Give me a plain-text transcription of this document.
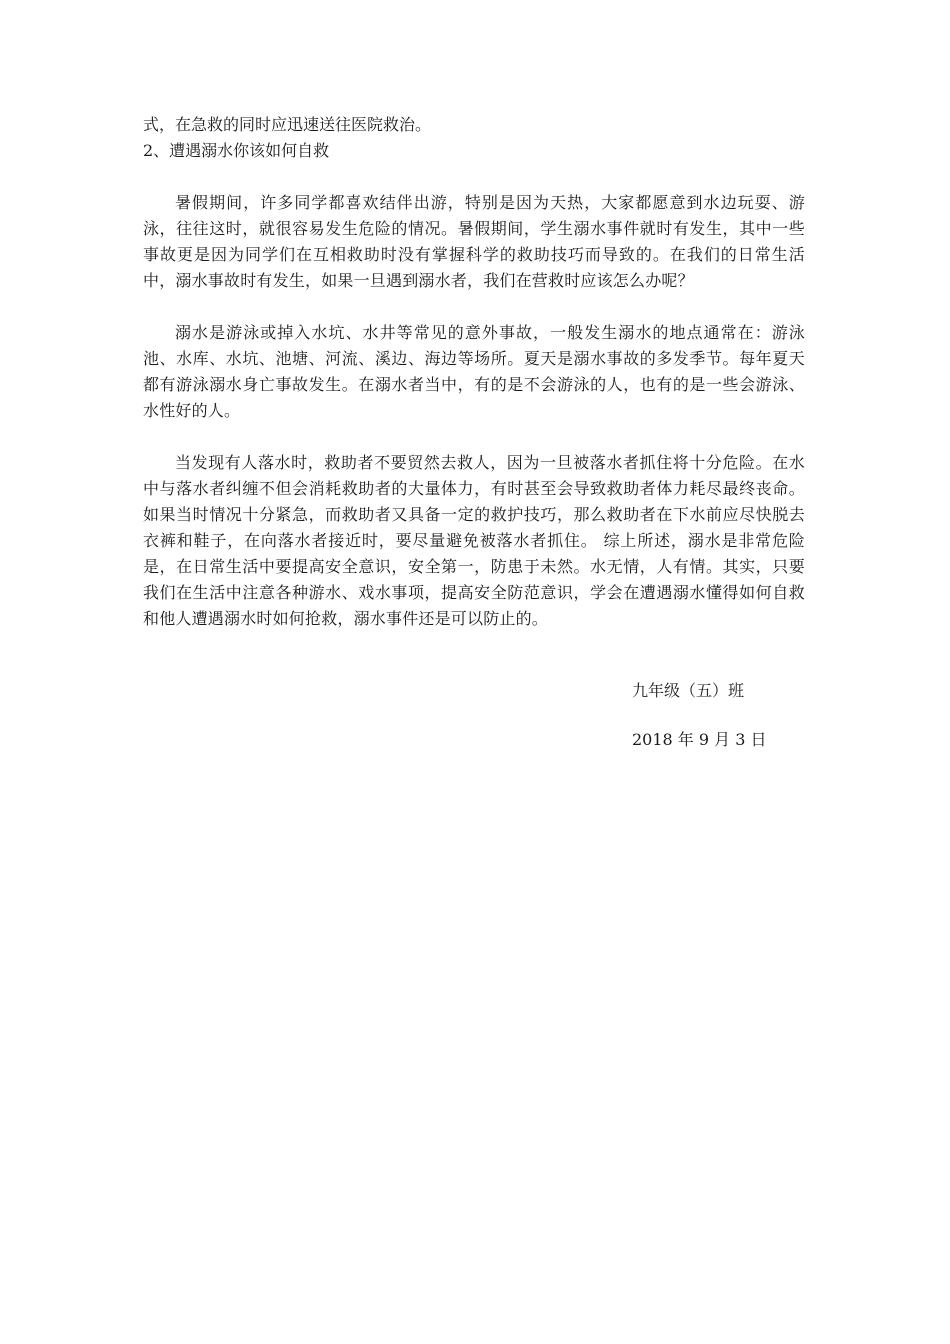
式，在急救的同时应迅速送往医院救治。

2、遭遇溺水你该如何自救

暑假期间，许多同学都喜欢结伴出游，特别是因为天热，大家都愿意到水边玩耍、游泳，往往这时，就很容易发生危险的情况。暑假期间，学生溺水事件就时有发生，其中一些事故更是因为同学们在互相救助时没有掌握科学的救助技巧而导致的。在我们的日常生活中，溺水事故时有发生，如果一旦遇到溺水者，我们在营救时应该怎么办呢？

溺水是游泳或掉入水坑、水井等常见的意外事故，一般发生溺水的地点通常在：游泳池、水库、水坑、池塘、河流、溪边、海边等场所。夏天是溺水事故的多发季节。每年夏天都有游泳溺水身亡事故发生。在溺水者当中，有的是不会游泳的人，也有的是一些会游泳、水性好的人。

当发现有人落水时，救助者不要贸然去救人，因为一旦被落水者抓住将十分危险。在水中与落水者纠缠不但会消耗救助者的大量体力，有时甚至会导致救助者体力耗尽最终丧命。如果当时情况十分紧急，而救助者又具备一定的救护技巧，那么救助者在下水前应尽快脱去衣裤和鞋子，在向落水者接近时，要尽量避免被落水者抓住。 综上所述，溺水是非常危险是，在日常生活中要提高安全意识，安全第一，防患于未然。水无情，人有情。其实，只要我们在生活中注意各种游水、戏水事项，提高安全防范意识，学会在遭遇溺水懂得如何自救和他人遭遇溺水时如何抢救，溺水事件还是可以防止的。

九年级（五）班

2018 年 9 月 3 日
